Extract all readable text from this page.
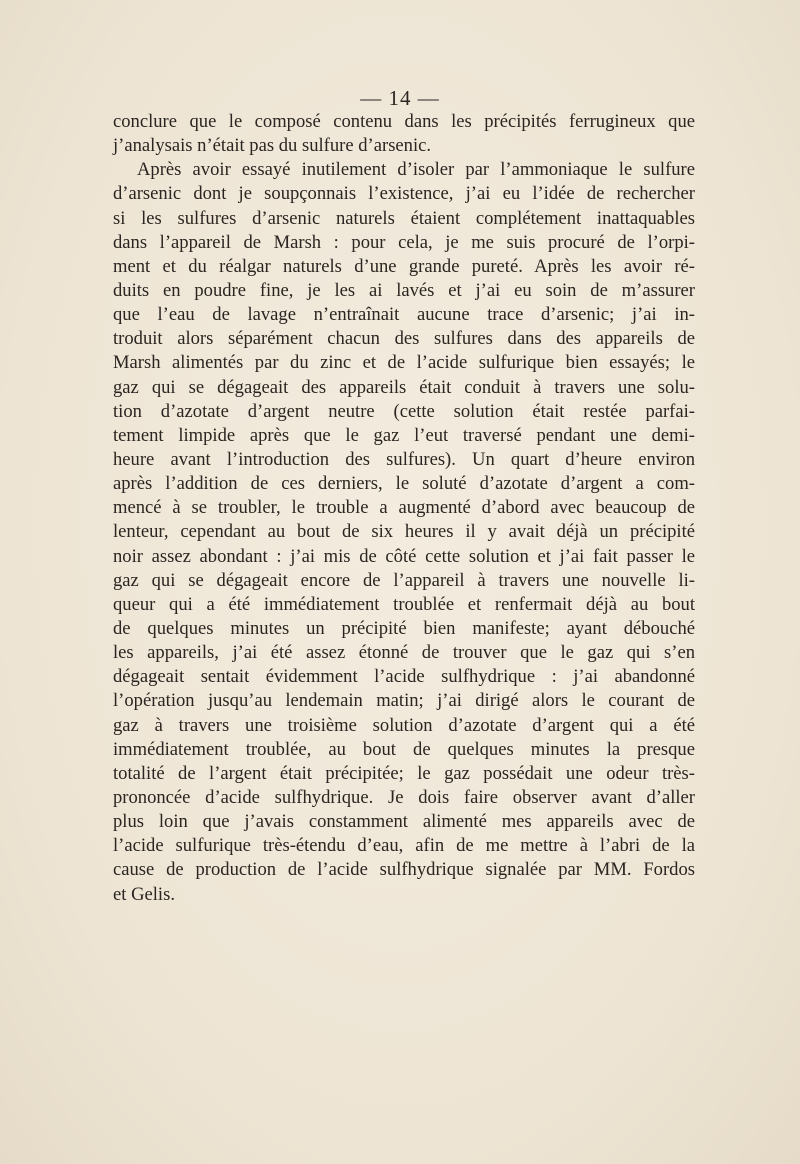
— 14 —
conclure que le composé contenu dans les précipités ferrugineux que
j’analysais n’était pas du sulfure d’arsenic.
Après avoir essayé inutilement d’isoler par l’ammoniaque le sulfure
d’arsenic dont je soupçonnais l’existence, j’ai eu l’idée de rechercher
si les sulfures d’arsenic naturels étaient complétement inattaquables
dans l’appareil de Marsh : pour cela, je me suis procuré de l’orpi-
ment et du réalgar naturels d’une grande pureté. Après les avoir ré-
duits en poudre fine, je les ai lavés et j’ai eu soin de m’assurer
que l’eau de lavage n’entraînait aucune trace d’arsenic; j’ai in-
troduit alors séparément chacun des sulfures dans des appareils de
Marsh alimentés par du zinc et de l’acide sulfurique bien essayés; le
gaz qui se dégageait des appareils était conduit à travers une solu-
tion d’azotate d’argent neutre (cette solution était restée parfai-
tement limpide après que le gaz l’eut traversé pendant une demi-
heure avant l’introduction des sulfures). Un quart d’heure environ
après l’addition de ces derniers, le soluté d’azotate d’argent a com-
mencé à se troubler, le trouble a augmenté d’abord avec beaucoup de
lenteur, cependant au bout de six heures il y avait déjà un précipité
noir assez abondant : j’ai mis de côté cette solution et j’ai fait passer le
gaz qui se dégageait encore de l’appareil à travers une nouvelle li-
queur qui a été immédiatement troublée et renfermait déjà au bout
de quelques minutes un précipité bien manifeste; ayant débouché
les appareils, j’ai été assez étonné de trouver que le gaz qui s’en
dégageait sentait évidemment l’acide sulfhydrique : j’ai abandonné
l’opération jusqu’au lendemain matin; j’ai dirigé alors le courant de
gaz à travers une troisième solution d’azotate d’argent qui a été
immédiatement troublée, au bout de quelques minutes la presque
totalité de l’argent était précipitée; le gaz possédait une odeur très-
prononcée d’acide sulfhydrique. Je dois faire observer avant d’aller
plus loin que j’avais constamment alimenté mes appareils avec de
l’acide sulfurique très-étendu d’eau, afin de me mettre à l’abri de la
cause de production de l’acide sulfhydrique signalée par MM. Fordos
et Gelis.
